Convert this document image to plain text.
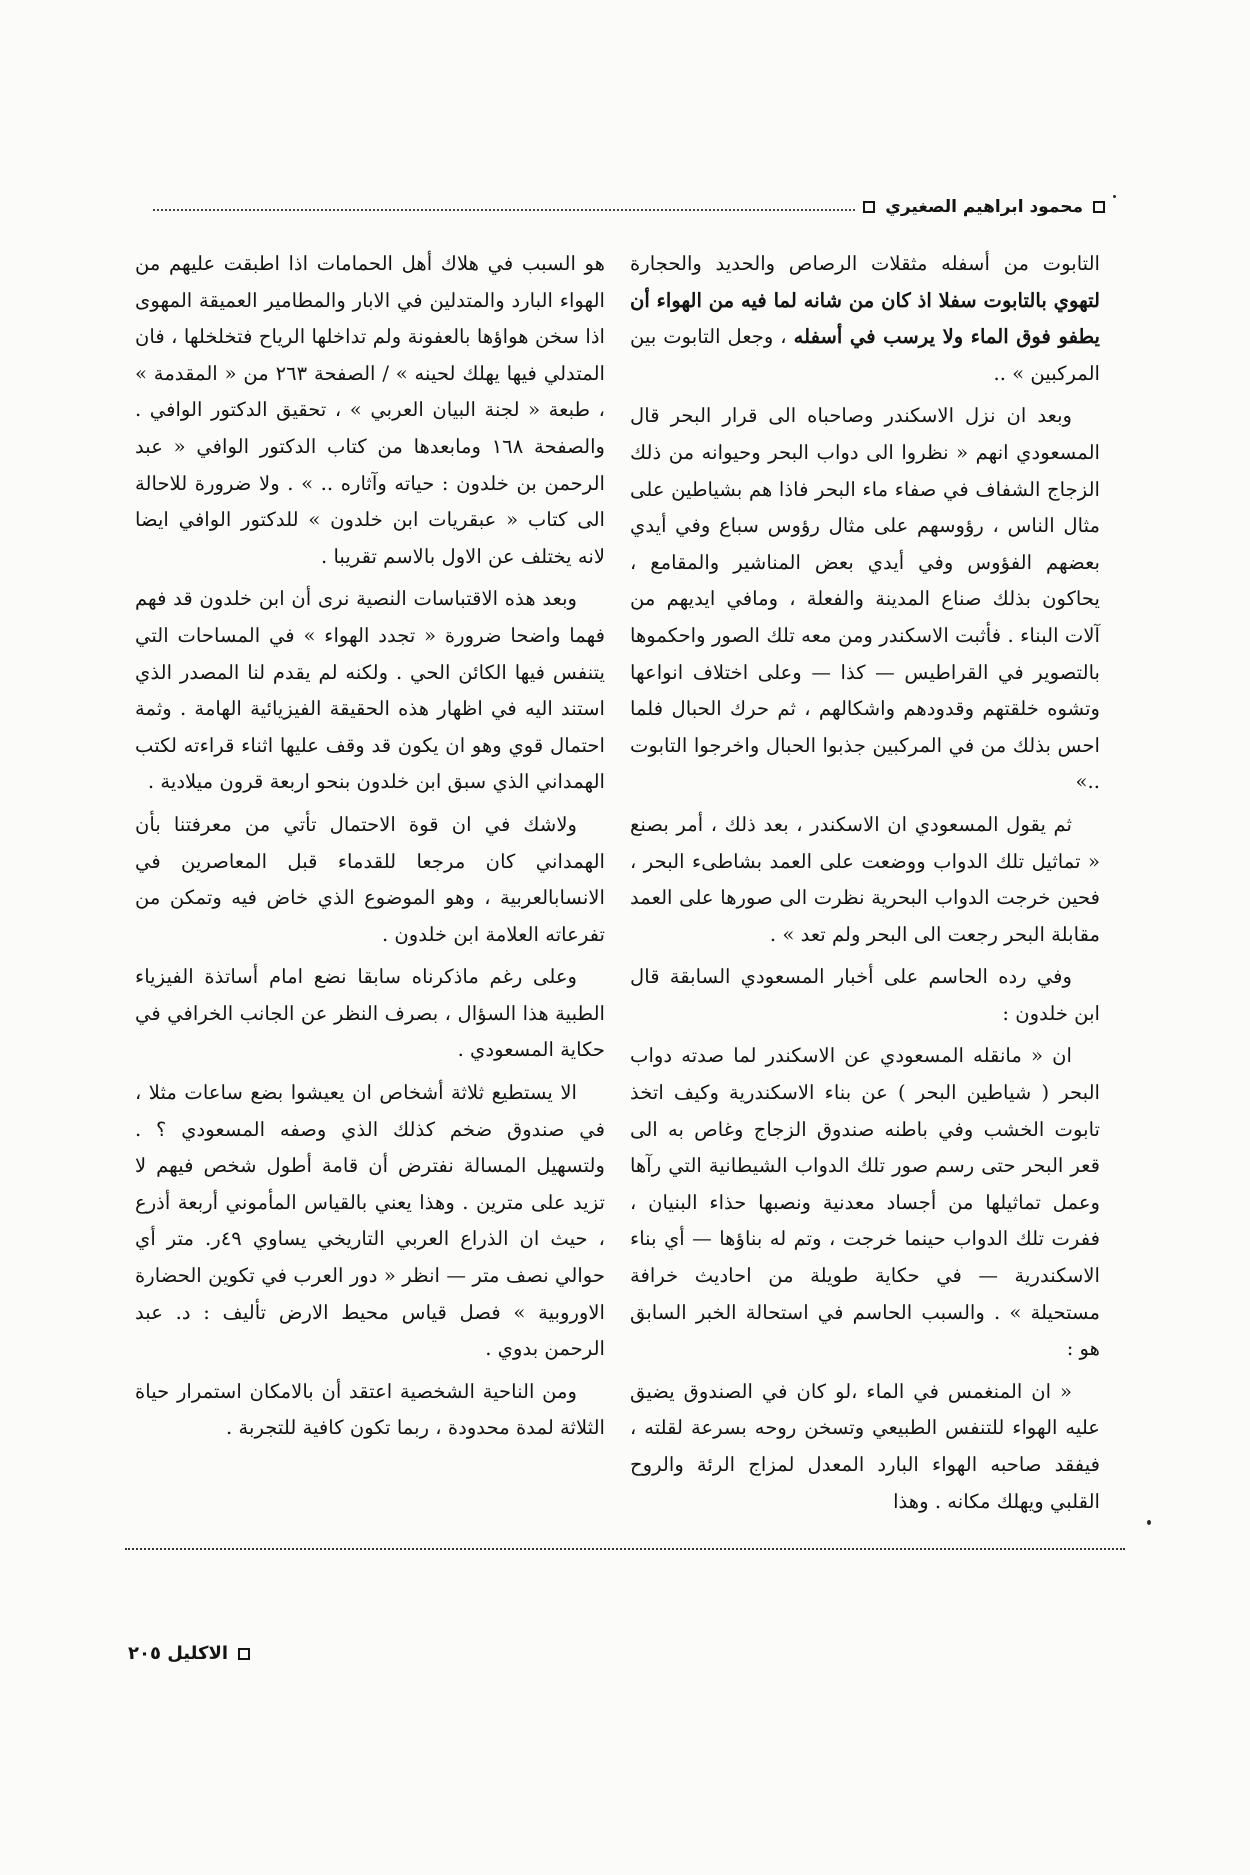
محمود ابراهيم الصغيري

التابوت من أسفله مثقلات الرصاص والحديد والحجارة لتهوي بالتابوت سفلا اذ كان من شانه لما فيه من الهواء أن يطفو فوق الماء ولا يرسب في أسفله ، وجعل التابوت بين المركبين » ..

وبعد ان نزل الاسكندر وصاحباه الى قرار البحر قال المسعودي انهم « نظروا الى دواب البحر وحيوانه من ذلك الزجاج الشفاف في صفاء ماء البحر فاذا هم بشياطين على مثال الناس ، رؤوسهم على مثال رؤوس سباع وفي أيدي بعضهم الفؤوس وفي أيدي بعض المناشير والمقامع ، يحاكون بذلك صناع المدينة والفعلة ، ومافي ايديهم من آلات البناء . فأثبت الاسكندر ومن معه تلك الصور واحكموها بالتصوير في القراطيس — كذا — وعلى اختلاف انواعها وتشوه خلقتهم وقدودهم واشكالهم ، ثم حرك الحبال فلما احس بذلك من في المركبين جذبوا الحبال واخرجوا التابوت ..»

ثم يقول المسعودي ان الاسكندر ، بعد ذلك ، أمر بصنع « تماثيل تلك الدواب ووضعت على العمد بشاطىء البحر ، فحين خرجت الدواب البحرية نظرت الى صورها على العمد مقابلة البحر رجعت الى البحر ولم تعد » .

وفي رده الحاسم على أخبار المسعودي السابقة قال ابن خلدون :

ان « مانقله المسعودي عن الاسكندر لما صدته دواب البحر ( شياطين البحر ) عن بناء الاسكندرية وكيف اتخذ تابوت الخشب وفي باطنه صندوق الزجاج وغاص به الى قعر البحر حتى رسم صور تلك الدواب الشيطانية التي رآها وعمل تماثيلها من أجساد معدنية ونصبها حذاء البنيان ، ففرت تلك الدواب حينما خرجت ، وتم له بناؤها — أي بناء الاسكندرية — في حكاية طويلة من احاديث خرافة مستحيلة » . والسبب الحاسم في استحالة الخبر السابق هو :

« ان المنغمس في الماء ،لو كان في الصندوق يضيق عليه الهواء للتنفس الطبيعي وتسخن روحه بسرعة لقلته ، فيفقد صاحبه الهواء البارد المعدل لمزاج الرئة والروح القلبي ويهلك مكانه . وهذا

هو السبب في هلاك أهل الحمامات اذا اطبقت عليهم من الهواء البارد والمتدلين في الابار والمطامير العميقة المهوى اذا سخن هواؤها بالعفونة ولم تداخلها الرياح فتخلخلها ، فان المتدلي فيها يهلك لحينه » / الصفحة ٢٦٣ من « المقدمة » ، طبعة « لجنة البيان العربي » ، تحقيق الدكتور الوافي . والصفحة ١٦٨ ومابعدها من كتاب الدكتور الوافي « عبد الرحمن بن خلدون : حياته وآثاره .. » . ولا ضرورة للاحالة الى كتاب « عبقريات ابن خلدون » للدكتور الوافي ايضا لانه يختلف عن الاول بالاسم تقريبا .

وبعد هذه الاقتباسات النصية نرى أن ابن خلدون قد فهم فهما واضحا ضرورة « تجدد الهواء » في المساحات التي يتنفس فيها الكائن الحي . ولكنه لم يقدم لنا المصدر الذي استند اليه في اظهار هذه الحقيقة الفيزيائية الهامة . وثمة احتمال قوي وهو ان يكون قد وقف عليها اثناء قراءته لكتب الهمداني الذي سبق ابن خلدون بنحو اربعة قرون ميلادية .

ولاشك في ان قوة الاحتمال تأتي من معرفتنا بأن الهمداني كان مرجعا للقدماء قبل المعاصرين في الانسابالعربية ، وهو الموضوع الذي خاض فيه وتمكن من تفرعاته العلامة ابن خلدون .

وعلى رغم ماذكرناه سابقا نضع امام أساتذة الفيزياء الطبية هذا السؤال ، بصرف النظر عن الجانب الخرافي في حكاية المسعودي .

الا يستطيع ثلاثة أشخاص ان يعيشوا بضع ساعات مثلا ، في صندوق ضخم كذلك الذي وصفه المسعودي ؟ . ولتسهيل المسالة نفترض أن قامة أطول شخص فيهم لا تزيد على مترين . وهذا يعني بالقياس المأموني أربعة أذرع ، حيث ان الذراع العربي التاريخي يساوي ٤٩ر. متر أي حوالي نصف متر — انظر « دور العرب في تكوين الحضارة الاوروبية » فصل قياس محيط الارض تأليف : د. عبد الرحمن بدوي .

ومن الناحية الشخصية اعتقد أن بالامكان استمرار حياة الثلاثة لمدة محدودة ، ربما تكون كافية للتجربة .

الاكليل ٢٠٥
